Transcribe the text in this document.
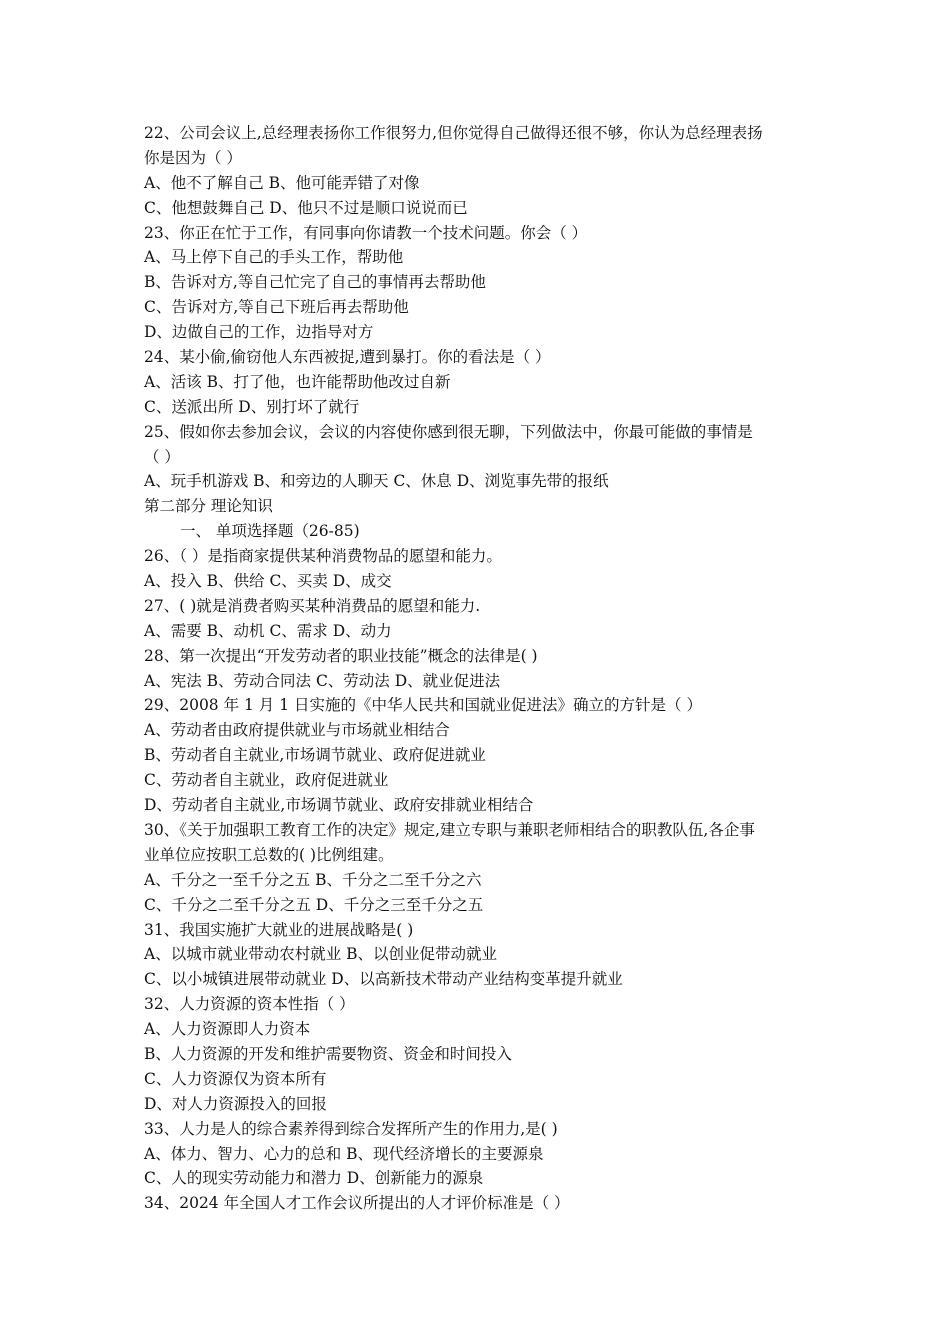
22、公司会议上,总经理表扬你工作很努力,但你觉得自己做得还很不够，你认为总经理表扬
你是因为（ ）
A、他不了解自己 B、他可能弄错了对像
C、他想鼓舞自己 D、他只不过是顺口说说而已
23、你正在忙于工作，有同事向你请教一个技术问题。你会（ ）
A、马上停下自己的手头工作，帮助他
B、告诉对方,等自己忙完了自己的事情再去帮助他
C、告诉对方,等自己下班后再去帮助他
D、边做自己的工作，边指导对方
24、某小偷,偷窃他人东西被捉,遭到暴打。你的看法是（ ）
A、活该 B、打了他，也许能帮助他改过自新
C、送派出所 D、别打坏了就行
25、假如你去参加会议，会议的内容使你感到很无聊，下列做法中，你最可能做的事情是
（ ）
A、玩手机游戏 B、和旁边的人聊天 C、休息 D、浏览事先带的报纸
第二部分 理论知识
一、 单项选择题（26-85)
26、（ ）是指商家提供某种消费物品的愿望和能力。
A、投入 B、供给 C、买卖 D、成交
27、( )就是消费者购买某种消费品的愿望和能力.
A、需要 B、动机 C、需求 D、动力
28、第一次提出“开发劳动者的职业技能”概念的法律是( )
A、宪法 B、劳动合同法 C、劳动法 D、就业促进法
29、2008 年 1 月 1 日实施的《中华人民共和国就业促进法》确立的方针是（ ）
A、劳动者由政府提供就业与市场就业相结合
B、劳动者自主就业,市场调节就业、政府促进就业
C、劳动者自主就业，政府促进就业
D、劳动者自主就业,市场调节就业、政府安排就业相结合
30、《关于加强职工教育工作的决定》规定,建立专职与兼职老师相结合的职教队伍,各企事
业单位应按职工总数的( )比例组建。
A、千分之一至千分之五 B、千分之二至千分之六
C、千分之二至千分之五 D、千分之三至千分之五
31、我国实施扩大就业的进展战略是( )
A、以城市就业带动农村就业 B、以创业促带动就业
C、以小城镇进展带动就业 D、以高新技术带动产业结构变革提升就业
32、人力资源的资本性指（ ）
A、人力资源即人力资本
B、人力资源的开发和维护需要物资、资金和时间投入
C、人力资源仅为资本所有
D、对人力资源投入的回报
33、人力是人的综合素养得到综合发挥所产生的作用力,是( )
A、体力、智力、心力的总和 B、现代经济增长的主要源泉
C、人的现实劳动能力和潜力 D、创新能力的源泉
34、2024 年全国人才工作会议所提出的人才评价标准是（ ）
